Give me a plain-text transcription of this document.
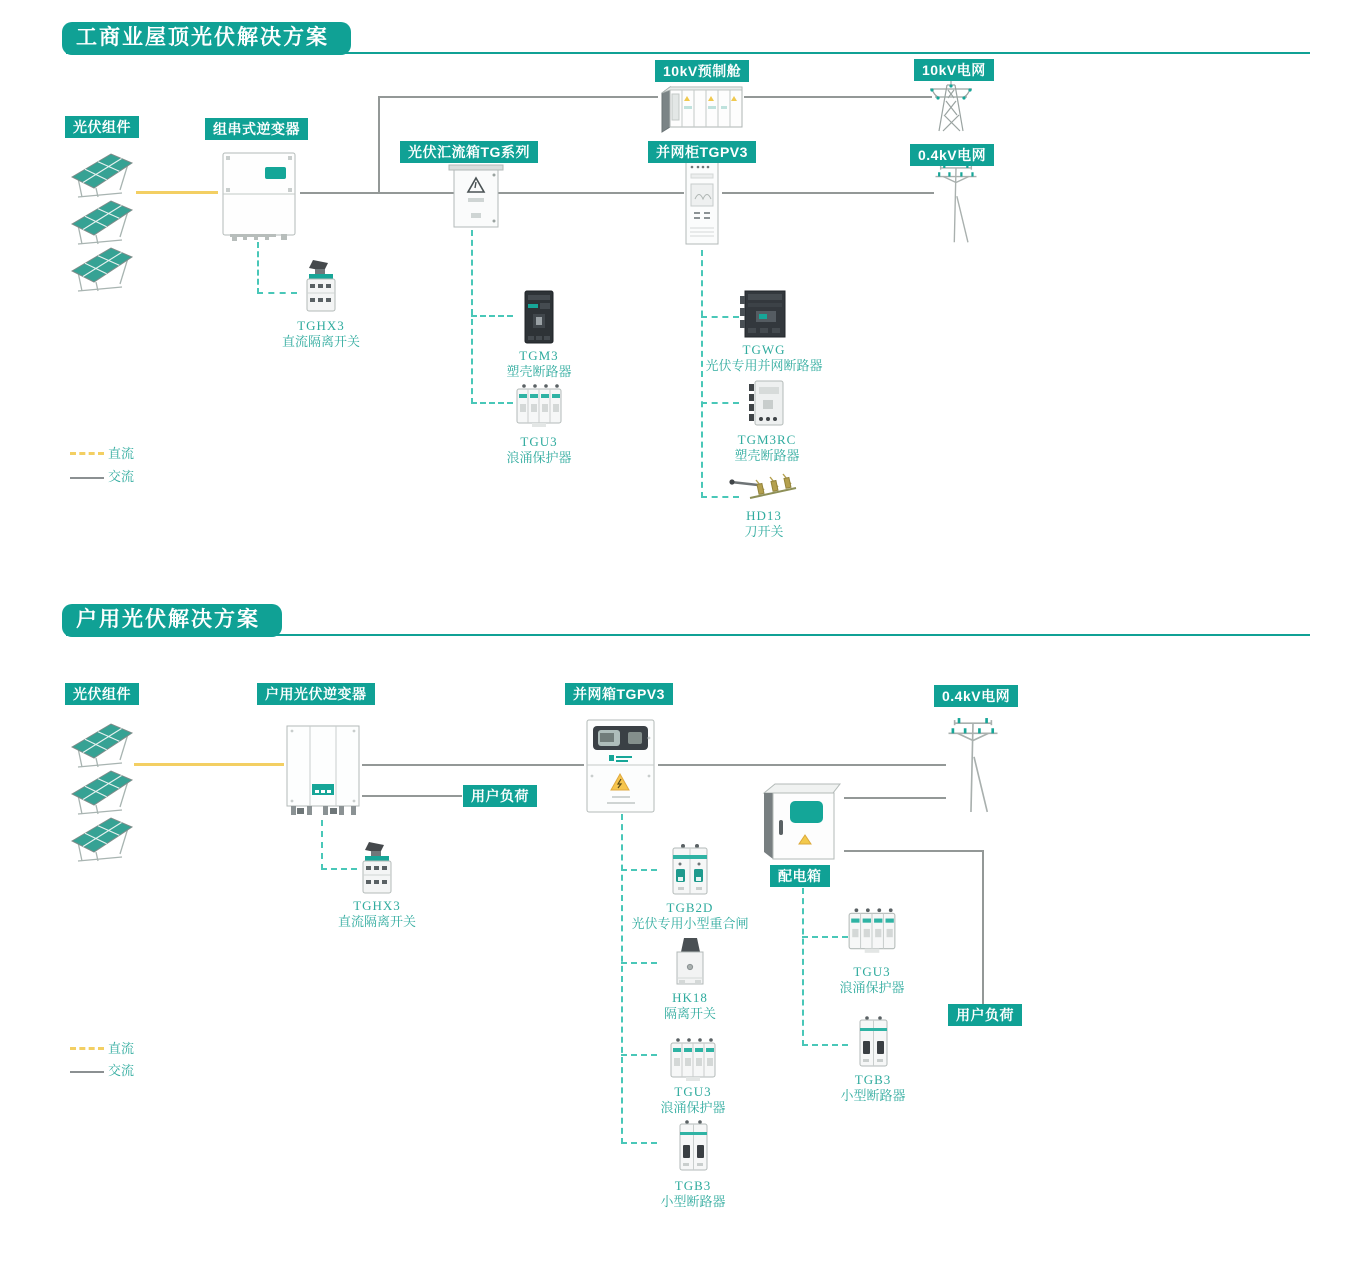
工商业屋顶光伏解决方案
光伏组件	组串式逆变器
光伏汇流箱TG系列
10kV预制舱	10kV电网
并网柜TGPV3	0.4kV电网
TGHX3
直流隔离开关
TGM3
塑壳断路器
TGU3
浪涌保护器
TGWG
光伏专用并网断路器
TGM3RC
塑壳断路器
HD13
刀开关
直流
交流
户用光伏解决方案
光伏组件	户用光伏逆变器	并网箱TGPV3	0.4kV电网
用户负荷
配电箱
用户负荷
TGHX3
直流隔离开关
TGB2D
光伏专用小型重合闸
HK18
隔离开关
TGU3
浪涌保护器
TGB3
小型断路器
TGU3
浪涌保护器
TGB3
小型断路器
直流
交流
